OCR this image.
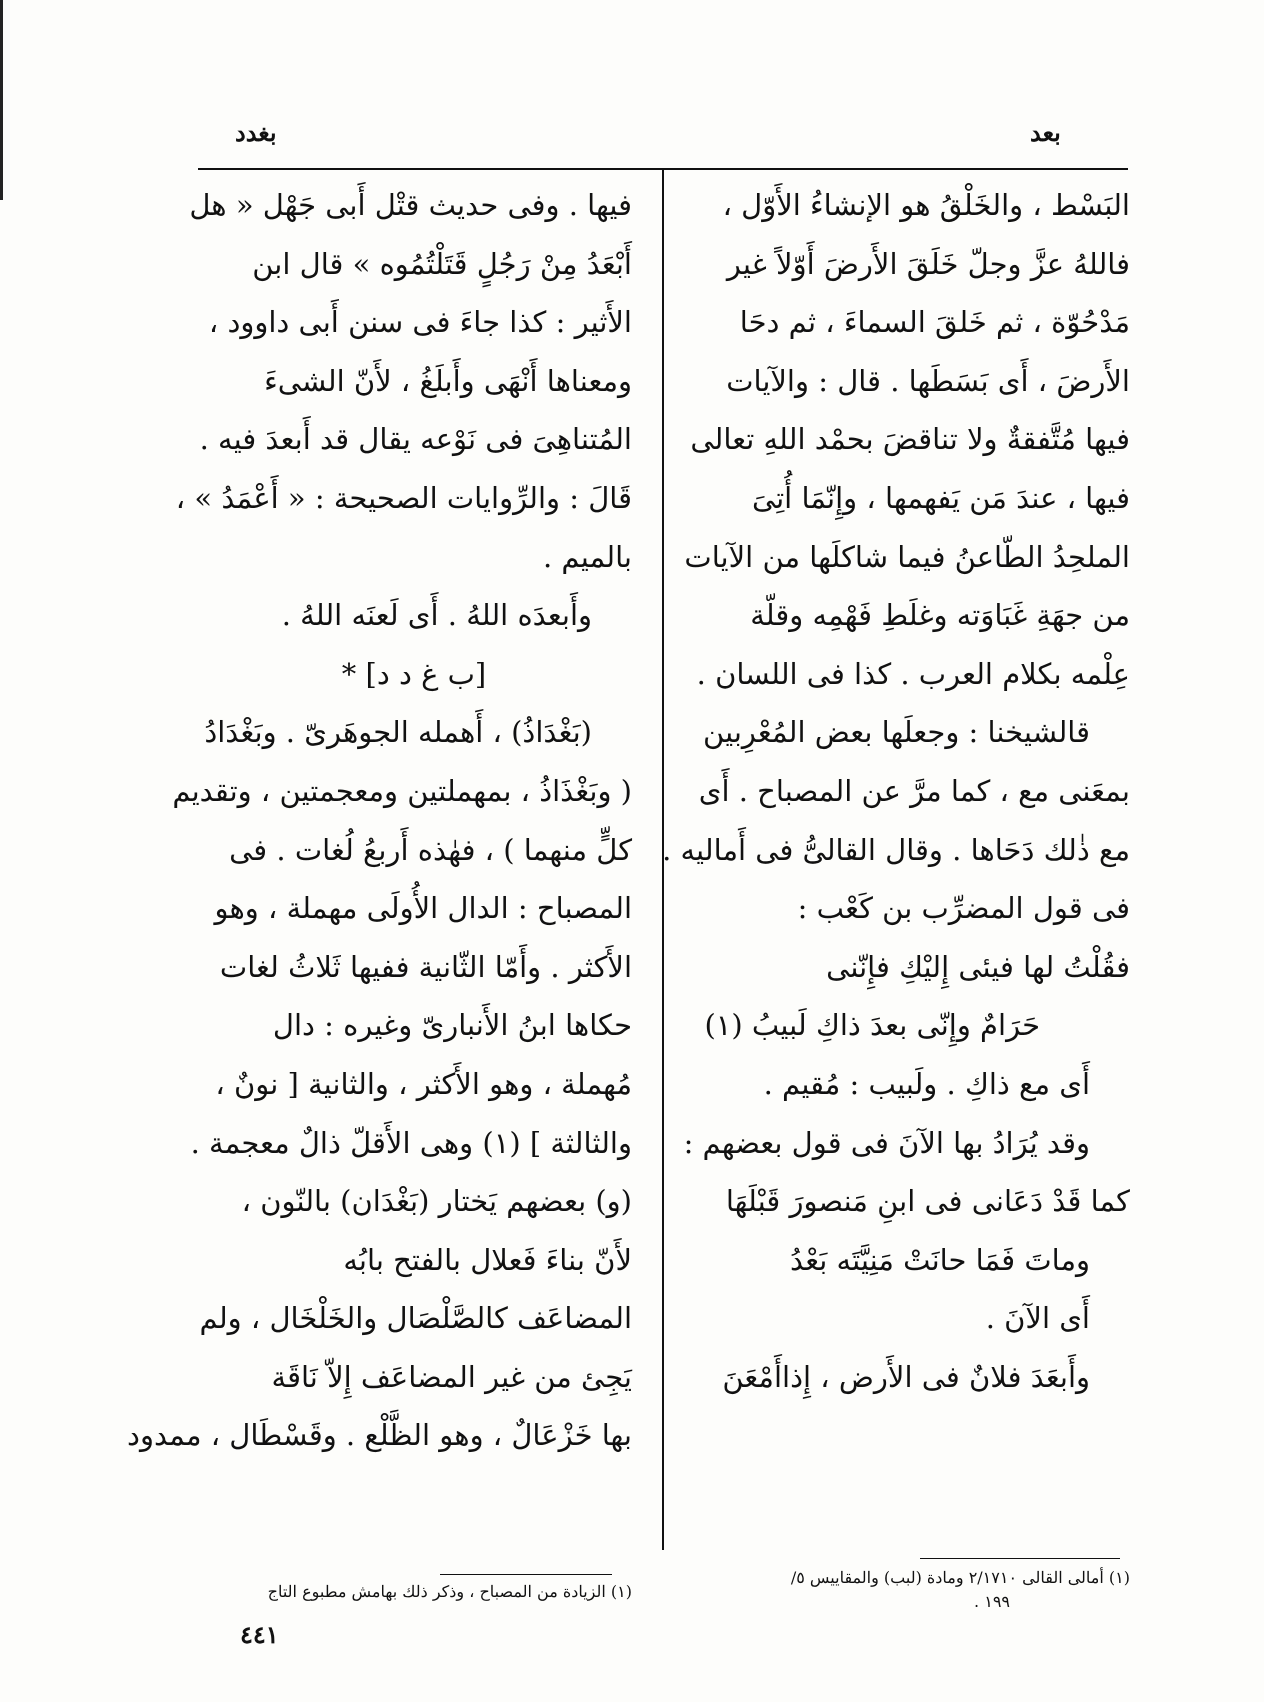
بعد
بغدد
البَسْط ، والخَلْقُ هو الإنشاءُ الأَوّل ،
فاللهُ عزَّ وجلّ خَلَقَ الأَرضَ أَوّلاً غير
مَدْحُوّة ، ثم خَلقَ السماءَ ، ثم دحَا
الأَرضَ ، أَى بَسَطَها . قال : والآيات
فيها مُتَّفقةٌ ولا تناقضَ بحمْد اللهِ تعالى
فيها ، عندَ مَن يَفهمها ، وإِنّمَا أُتِىَ
الملحِدُ الطّاعنُ فيما شاكلَها من الآيات
من جهَةِ غَبَاوَته وغلَطِ فَهْمِه وقلّة
عِلْمه بكلام العرب . كذا فى اللسان .
قالشيخنا : وجعلَها بعض المُعْرِبين
بمعَنى مع ، كما مرَّ عن المصباح . أَى
مع ذٰلك دَحَاها . وقال القالىُّ فى أَماليه .
فى قول المضرِّب بن كَعْب :
فقُلْتُ لها فيئى إِليْكِ فإِنّنى
حَرَامٌ وإِنّى بعدَ ذاكِ لَبيبُ (١)
أَى مع ذاكِ . ولَبيب : مُقيم .
وقد يُرَادُ بها الآنَ فى قول بعضهم :
كما قَدْ دَعَانى فى ابنِ مَنصورَ قَبْلَهَا
وماتَ فَمَا حانَتْ مَنِيَّتَه بَعْدُ
أَى الآنَ .
وأَبعَدَ فلانٌ فى الأَرض ، إِذاأَمْعَنَ
فيها . وفى حديث قتْل أَبى جَهْل « هل
أَبْعَدُ مِنْ رَجُلٍ قَتَلْتُمُوه » قال ابن
الأَثير : كذا جاءَ فى سنن أَبى داوود ،
ومعناها أَنْهَى وأَبلَغُ ، لأَنّ الشىءَ
المُتناهِىَ فى نَوْعه يقال قد أَبعدَ فيه .
قَالَ : والرِّوايات الصحيحة : « أَعْمَدُ » ،
بالميم .
وأَبعدَه اللهُ . أَى لَعنَه اللهُ .
[ب غ د د] *
(بَغْدَاذُ) ، أَهمله الجوهَرىّ . وبَغْدَادُ
( وبَغْذَاذُ ، بمهملتين ومعجمتين ، وتقديم
كلٍّ منهما ) ، فهٰذه أَربعُ لُغات . فى
المصباح : الدال الأُولَى مهملة ، وهو
الأَكثر . وأَمّا الثّانية ففيها ثَلاثُ لغات
حكاها ابنُ الأَنبارىّ وغيره : دال
مُهملة ، وهو الأَكثر ، والثانية [ نونٌ ،
والثالثة ] (١) وهى الأَقلّ ذالٌ معجمة .
(و) بعضهم يَختار (بَغْدَان) بالنّون ،
لأَنّ بناءَ فَعلال بالفتح بابُه
المضاعَف كالصَّلْصَال والخَلْخَال ، ولم
يَجِئ من غير المضاعَف إِلاّ نَاقَة
بها خَزْعَالٌ ، وهو الظَّلْع . وقَسْطَال ، ممدود
(١) أمالى القالى ٢/١٧١٠ ومادة (لبب) والمقاييس ٥/
١٩٩ .
(١) الزيادة من المصباح ، وذكر ذلك بهامش مطبوع التاج
٤٤١
